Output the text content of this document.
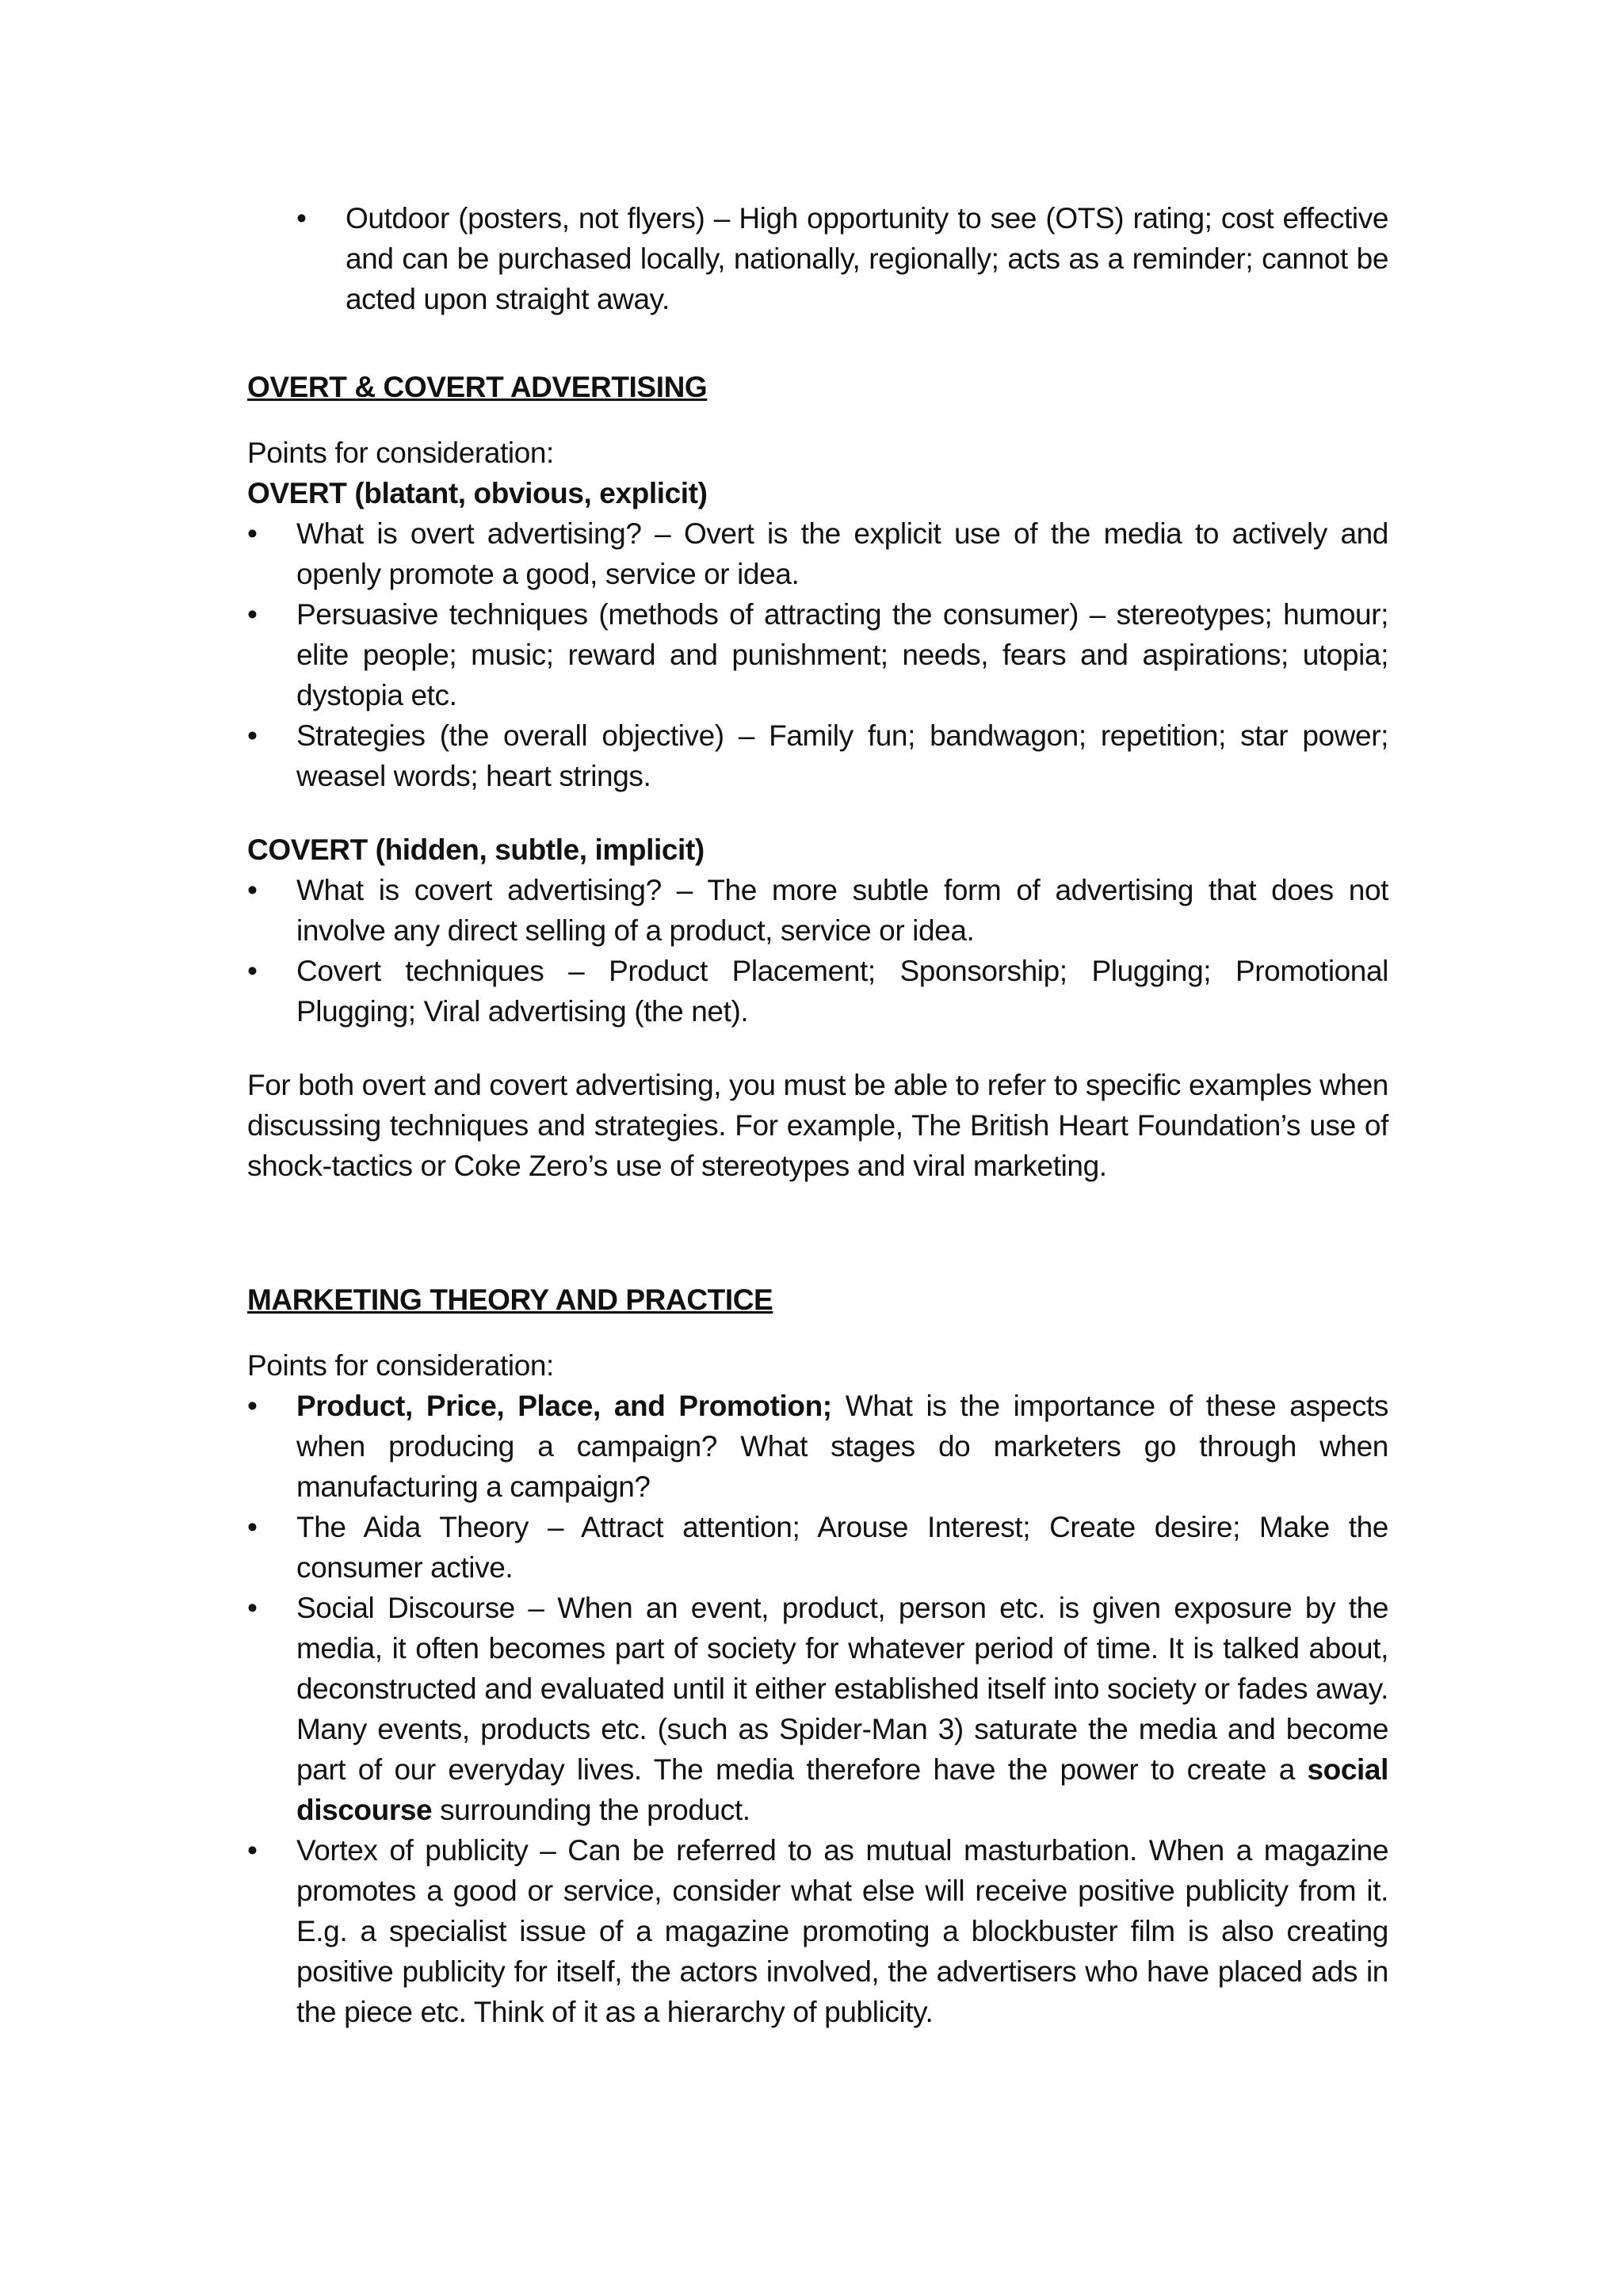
•	Outdoor (posters, not flyers) – High opportunity to see (OTS) rating; cost effective and can be purchased locally, nationally, regionally; acts as a reminder; cannot be acted upon straight away.
OVERT & COVERT ADVERTISING
Points for consideration:
OVERT (blatant, obvious, explicit)
•	What is overt advertising? – Overt is the explicit use of the media to actively and openly promote a good, service or idea.
•	Persuasive techniques (methods of attracting the consumer) – stereotypes; humour; elite people; music; reward and punishment; needs, fears and aspirations; utopia; dystopia etc.
•	Strategies (the overall objective) – Family fun; bandwagon; repetition; star power; weasel words; heart strings.
COVERT (hidden, subtle, implicit)
•	What is covert advertising? – The more subtle form of advertising that does not involve any direct selling of a product, service or idea.
•	Covert techniques – Product Placement; Sponsorship; Plugging; Promotional Plugging; Viral advertising (the net).
For both overt and covert advertising, you must be able to refer to specific examples when discussing techniques and strategies. For example, The British Heart Foundation’s use of shock-tactics or Coke Zero’s use of stereotypes and viral marketing.
MARKETING THEORY AND PRACTICE
Points for consideration:
•	Product, Price, Place, and Promotion; What is the importance of these aspects when producing a campaign? What stages do marketers go through when manufacturing a campaign?
•	The Aida Theory – Attract attention; Arouse Interest; Create desire; Make the consumer active.
•	Social Discourse – When an event, product, person etc. is given exposure by the media, it often becomes part of society for whatever period of time. It is talked about, deconstructed and evaluated until it either established itself into society or fades away. Many events, products etc. (such as Spider-Man 3) saturate the media and become part of our everyday lives. The media therefore have the power to create a social discourse surrounding the product.
•	Vortex of publicity – Can be referred to as mutual masturbation. When a magazine promotes a good or service, consider what else will receive positive publicity from it. E.g. a specialist issue of a magazine promoting a blockbuster film is also creating positive publicity for itself, the actors involved, the advertisers who have placed ads in the piece etc. Think of it as a hierarchy of publicity.
